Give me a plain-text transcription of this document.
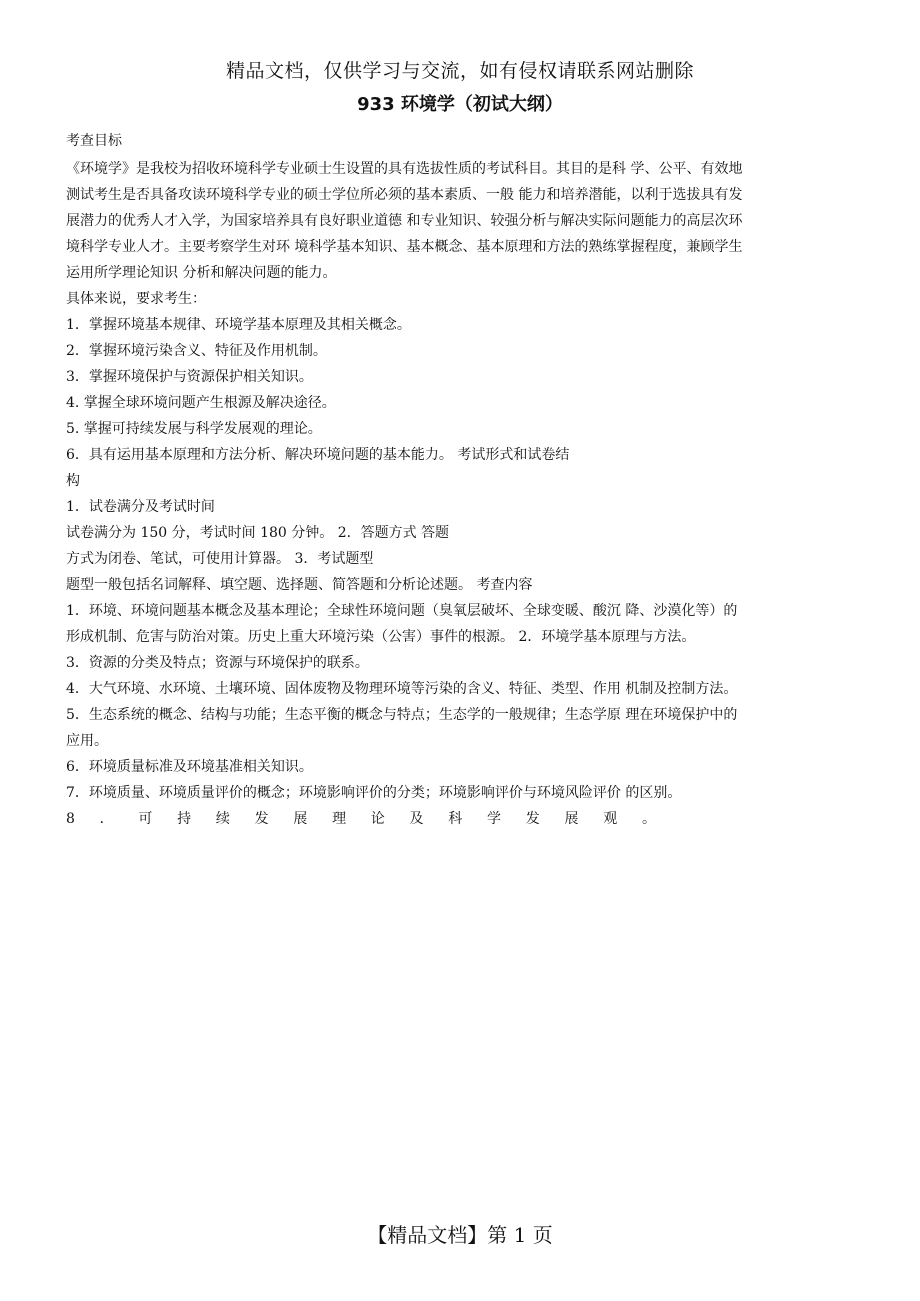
精品文档，仅供学习与交流，如有侵权请联系网站删除
933 环境学（初试大纲）

考查目标

《环境学》是我校为招收环境科学专业硕士生设置的具有选拔性质的考试科目。其目的是科 学、公平、有效地

测试考生是否具备攻读环境科学专业的硕士学位所必须的基本素质、一般 能力和培养潜能，以利于选拔具有发

展潜力的优秀人才入学，为国家培养具有良好职业道德 和专业知识、较强分析与解决实际问题能力的高层次环

境科学专业人才。主要考察学生对环 境科学基本知识、基本概念、基本原理和方法的熟练掌握程度，兼顾学生

运用所学理论知识 分析和解决问题的能力。

具体来说，要求考生：

1．掌握环境基本规律、环境学基本原理及其相关概念。

2．掌握环境污染含义、特征及作用机制。

3．掌握环境保护与资源保护相关知识。

4. 掌握全球环境问题产生根源及解决途径。

5. 掌握可持续发展与科学发展观的理论。

6．具有运用基本原理和方法分析、解决环境问题的基本能力。 考试形式和试卷结

构

1．试卷满分及考试时间

试卷满分为 150 分，考试时间 180 分钟。 2．答题方式 答题

方式为闭卷、笔试，可使用计算器。 3．考试题型

题型一般包括名词解释、填空题、选择题、简答题和分析论述题。 考查内容

1．环境、环境问题基本概念及基本理论；全球性环境问题（臭氧层破坏、全球变暖、酸沉 降、沙漠化等）的

形成机制、危害与防治对策。历史上重大环境污染（公害）事件的根源。 2．环境学基本原理与方法。

3．资源的分类及特点；资源与环境保护的联系。

4．大气环境、水环境、土壤环境、固体废物及物理环境等污染的含义、特征、类型、作用 机制及控制方法。

5．生态系统的概念、结构与功能；生态平衡的概念与特点；生态学的一般规律；生态学原 理在环境保护中的

应用。

6．环境质量标准及环境基准相关知识。

7．环境质量、环境质量评价的概念；环境影响评价的分类；环境影响评价与环境风险评价 的区别。

8 ． 可 持 续 发 展 理 论 及 科 学 发 展 观 。
【精品文档】第 1 页
